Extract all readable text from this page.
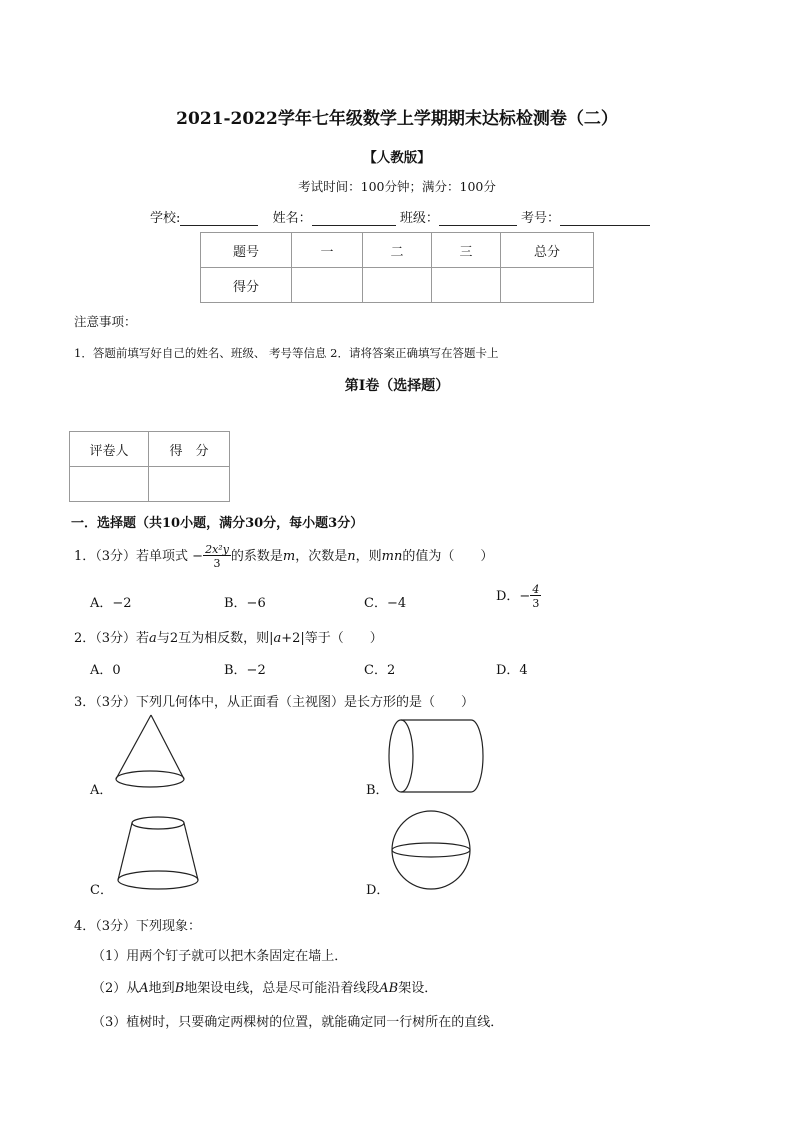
2021-2022学年七年级数学上学期期末达标检测卷（二）
【人教版】
考试时间：100分钟；满分：100分
学校:	姓名：	班级：	考号：
题号	一	二	三	总分
得分				
注意事项：
1．答题前填写好自己的姓名、班级、 考号等信息 2．请将答案正确填写在答题卡上
第I卷（选择题）
评卷人	得　分

一．选择题（共10小题，满分30分，每小题3分）
1．（3分）若单项式 − $\frac{\text{2x²y}}{3}$ 的系数是m，次数是n，则mn的值为（　　）
A．−2	B．−6	C．−4	D．− $\frac{4}{3}$
2．（3分）若a与2互为相反数，则|a+2|等于（　　）
A．0	B．−2	C．2	D．4
3．（3分）下列几何体中，从正面看（主视图）是长方形的是（　　）
A．	B．
C．	D．
4．（3分）下列现象：
（1）用两个钉子就可以把木条固定在墙上．
（2）从A地到B地架设电线，总是尽可能沿着线段AB架设．
（3）植树时，只要确定两棵树的位置，就能确定同一行树所在的直线．
